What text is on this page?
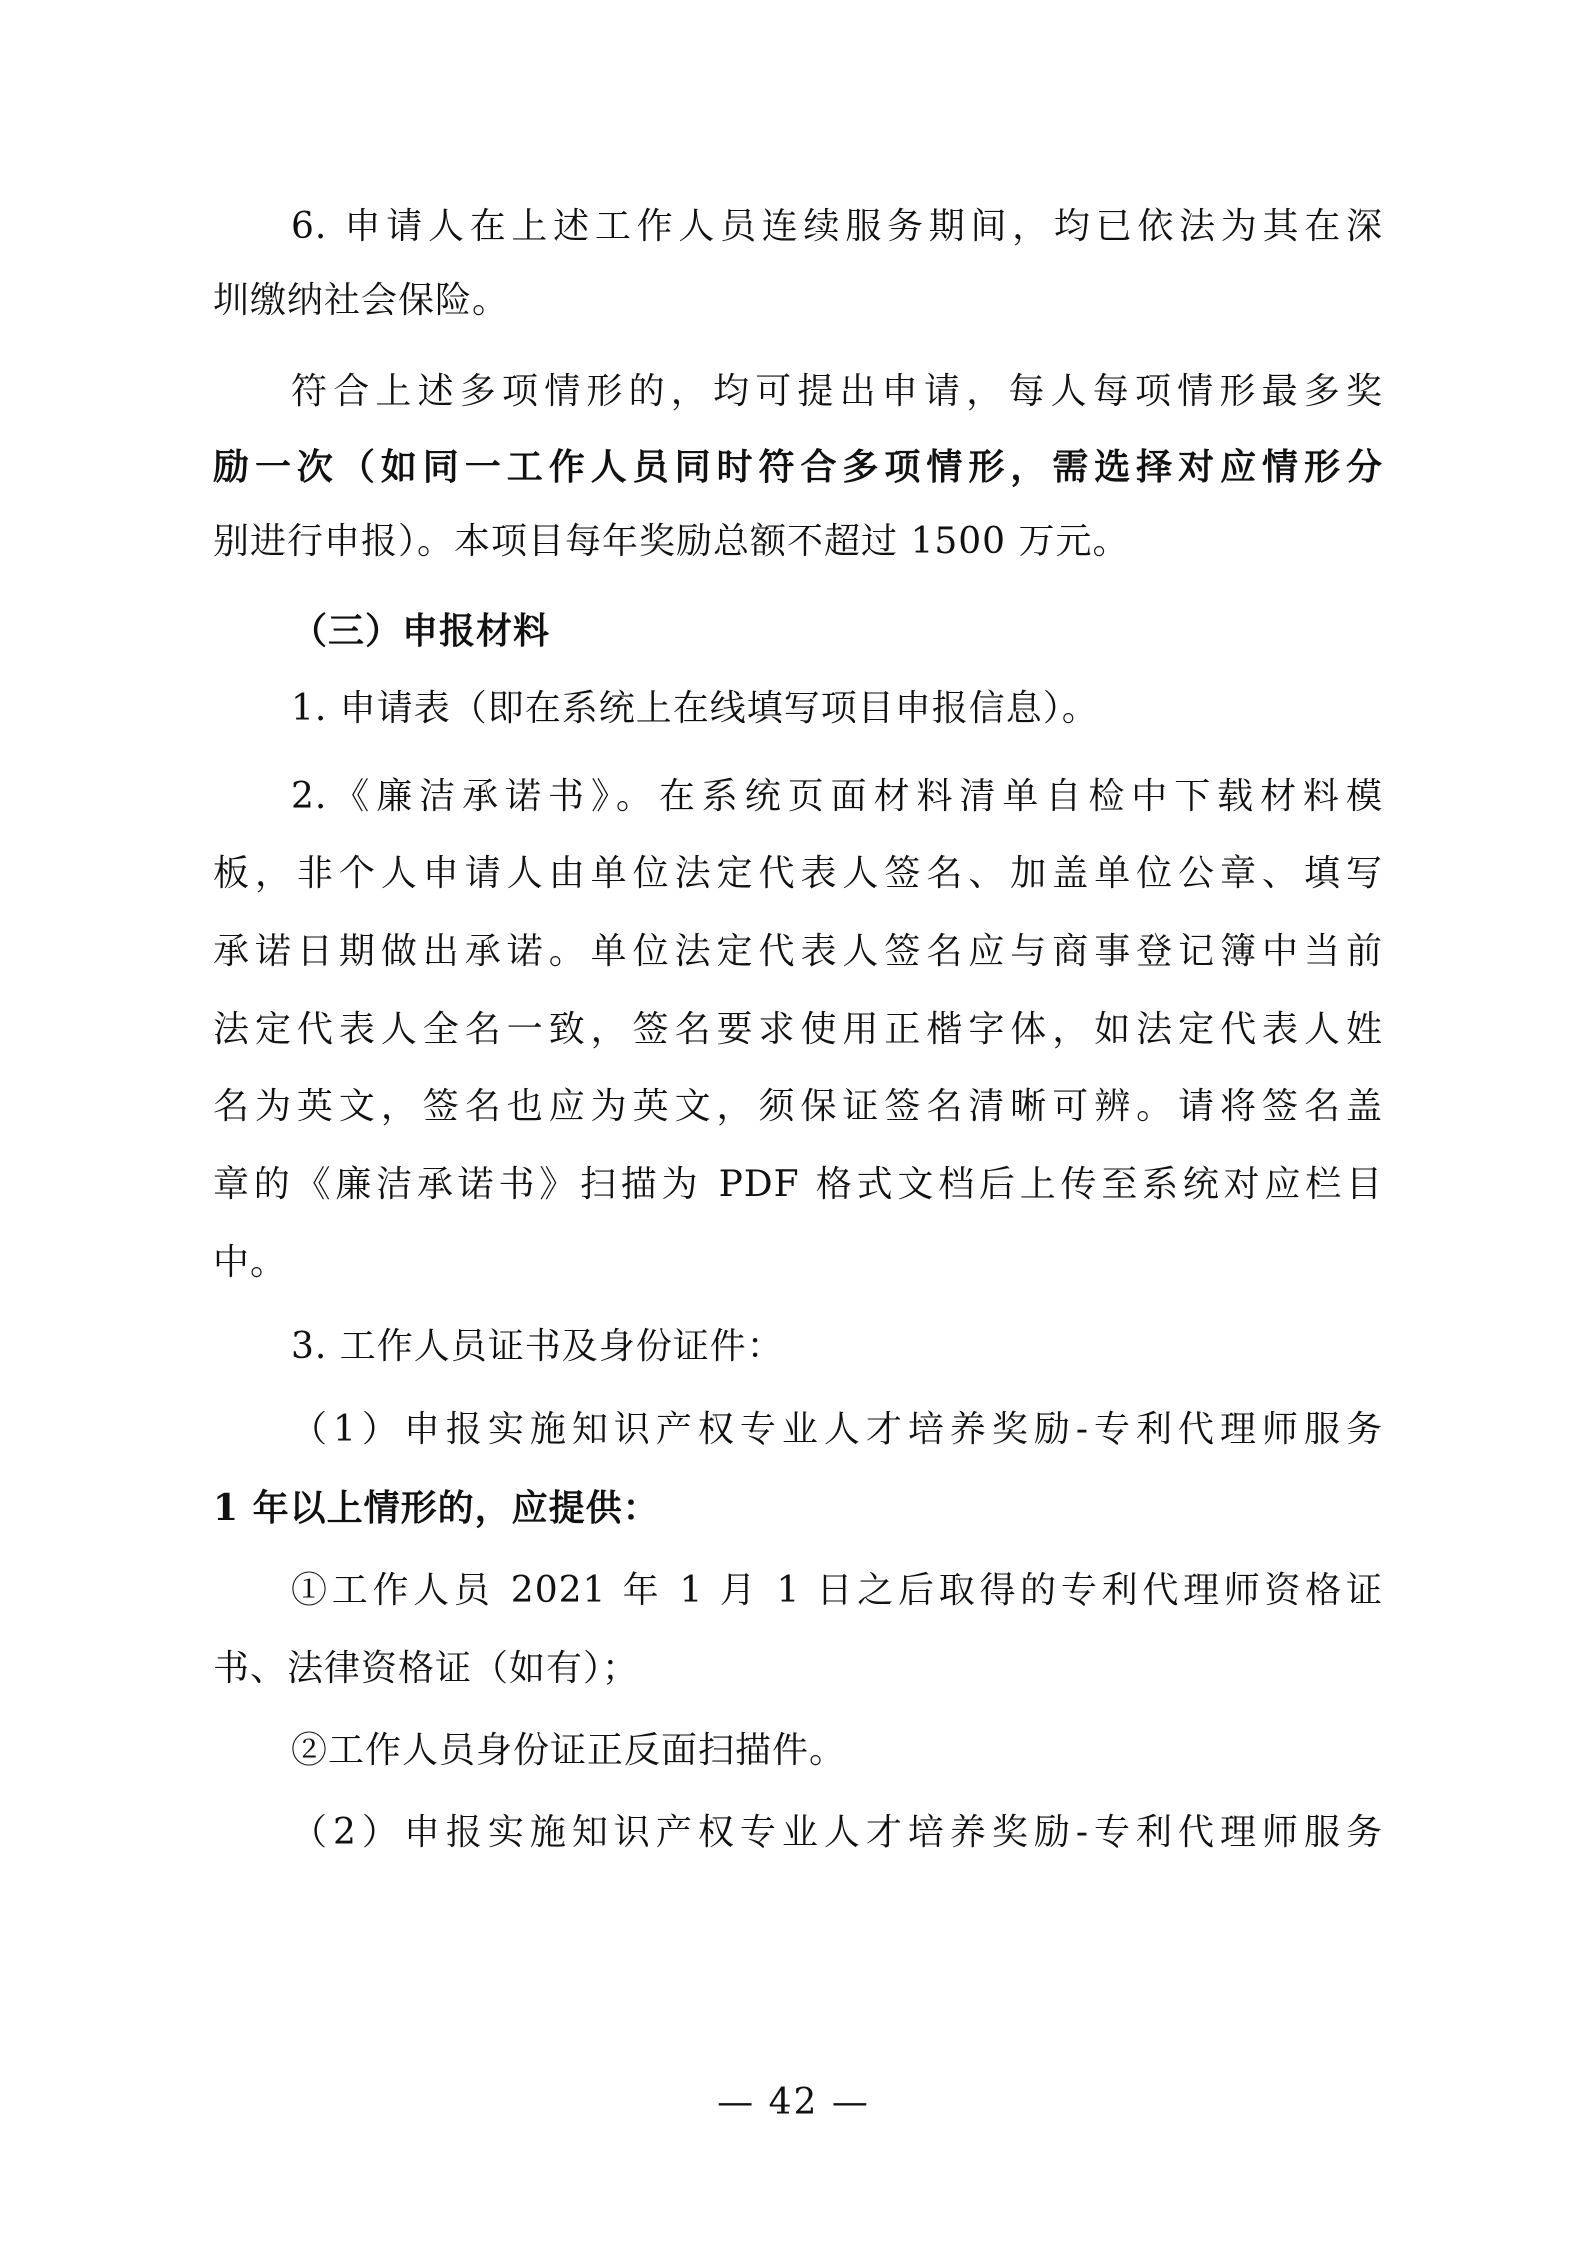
6. 申请人在上述工作人员连续服务期间，均已依法为其在深
圳缴纳社会保险。
符合上述多项情形的，均可提出申请，每人每项情形最多奖
励一次（如同一工作人员同时符合多项情形，需选择对应情形分
别进行申报）。本项目每年奖励总额不超过 1500 万元。
（三）申报材料
1. 申请表（即在系统上在线填写项目申报信息）。
2.《廉洁承诺书》。在系统页面材料清单自检中下载材料模
板，非个人申请人由单位法定代表人签名、加盖单位公章、填写
承诺日期做出承诺。单位法定代表人签名应与商事登记簿中当前
法定代表人全名一致，签名要求使用正楷字体，如法定代表人姓
名为英文，签名也应为英文，须保证签名清晰可辨。请将签名盖
章的《廉洁承诺书》扫描为 PDF 格式文档后上传至系统对应栏目
中。
3. 工作人员证书及身份证件：
（1）申报实施知识产权专业人才培养奖励-专利代理师服务
1 年以上情形的，应提供：
①工作人员 2021 年 1 月 1 日之后取得的专利代理师资格证
书、法律资格证（如有）；
②工作人员身份证正反面扫描件。
（2）申报实施知识产权专业人才培养奖励-专利代理师服务
— 42 —
